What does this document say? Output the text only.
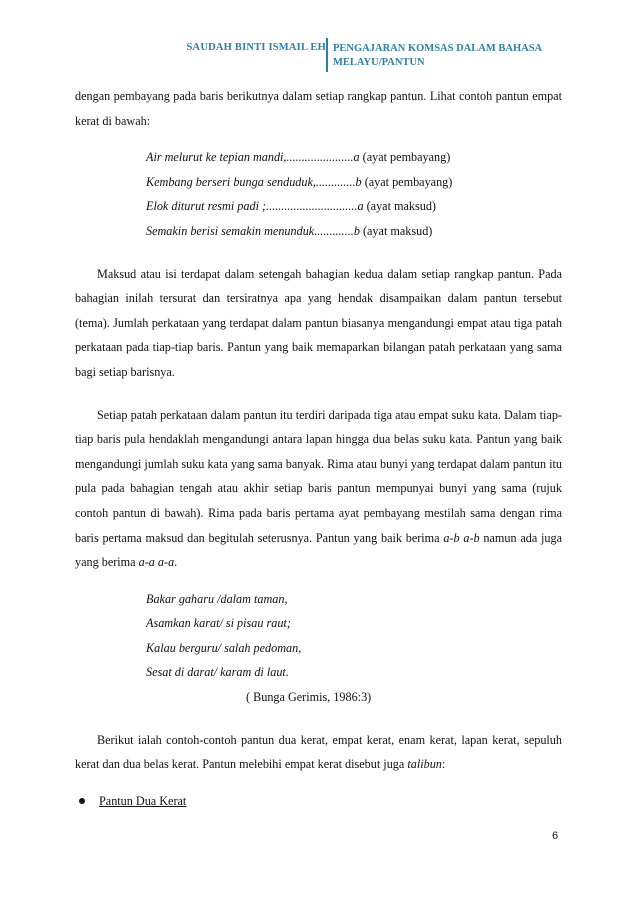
SAUDAH BINTI ISMAIL EH PENGAJARAN KOMSAS DALAM BAHASA
MELAYU/PANTUN

dengan pembayang pada baris berikutnya dalam setiap rangkap pantun. Lihat contoh pantun empat kerat di bawah:

Air melurut ke tepian mandi,......................a (ayat pembayang)
Kembang berseri bunga senduduk,.............b (ayat pembayang)
Elok diturut resmi padi ;..............................a (ayat maksud)
Semakin berisi semakin menunduk.............b (ayat maksud)

Maksud atau isi terdapat dalam setengah bahagian kedua dalam setiap rangkap pantun. Pada bahagian inilah tersurat dan tersiratnya apa yang hendak disampaikan dalam pantun tersebut (tema). Jumlah perkataan yang terdapat dalam pantun biasanya mengandungi empat atau tiga patah perkataan pada tiap-tiap baris. Pantun yang baik memaparkan bilangan patah perkataan yang sama bagi setiap barisnya.

Setiap patah perkataan dalam pantun itu terdiri daripada tiga atau empat suku kata. Dalam tiap-tiap baris pula hendaklah mengandungi antara lapan hingga dua belas suku kata. Pantun yang baik mengandungi jumlah suku kata yang sama banyak. Rima atau bunyi yang terdapat dalam pantun itu pula pada bahagian tengah atau akhir setiap baris pantun mempunyai bunyi yang sama (rujuk contoh pantun di bawah). Rima pada baris pertama ayat pembayang mestilah sama dengan rima baris pertama maksud dan begitulah seterusnya. Pantun yang baik berima a-b a-b namun ada juga yang berima a-a a-a.

Bakar gaharu /dalam taman,
Asamkan karat/ si pisau raut;
Kalau berguru/ salah pedoman,
Sesat di darat/ karam di laut.
( Bunga Gerimis, 1986:3)

Berikut ialah contoh-contoh pantun dua kerat, empat kerat, enam kerat, lapan kerat, sepuluh kerat dan dua belas kerat. Pantun melebihi empat kerat disebut juga talibun:

Pantun Dua Kerat
6
